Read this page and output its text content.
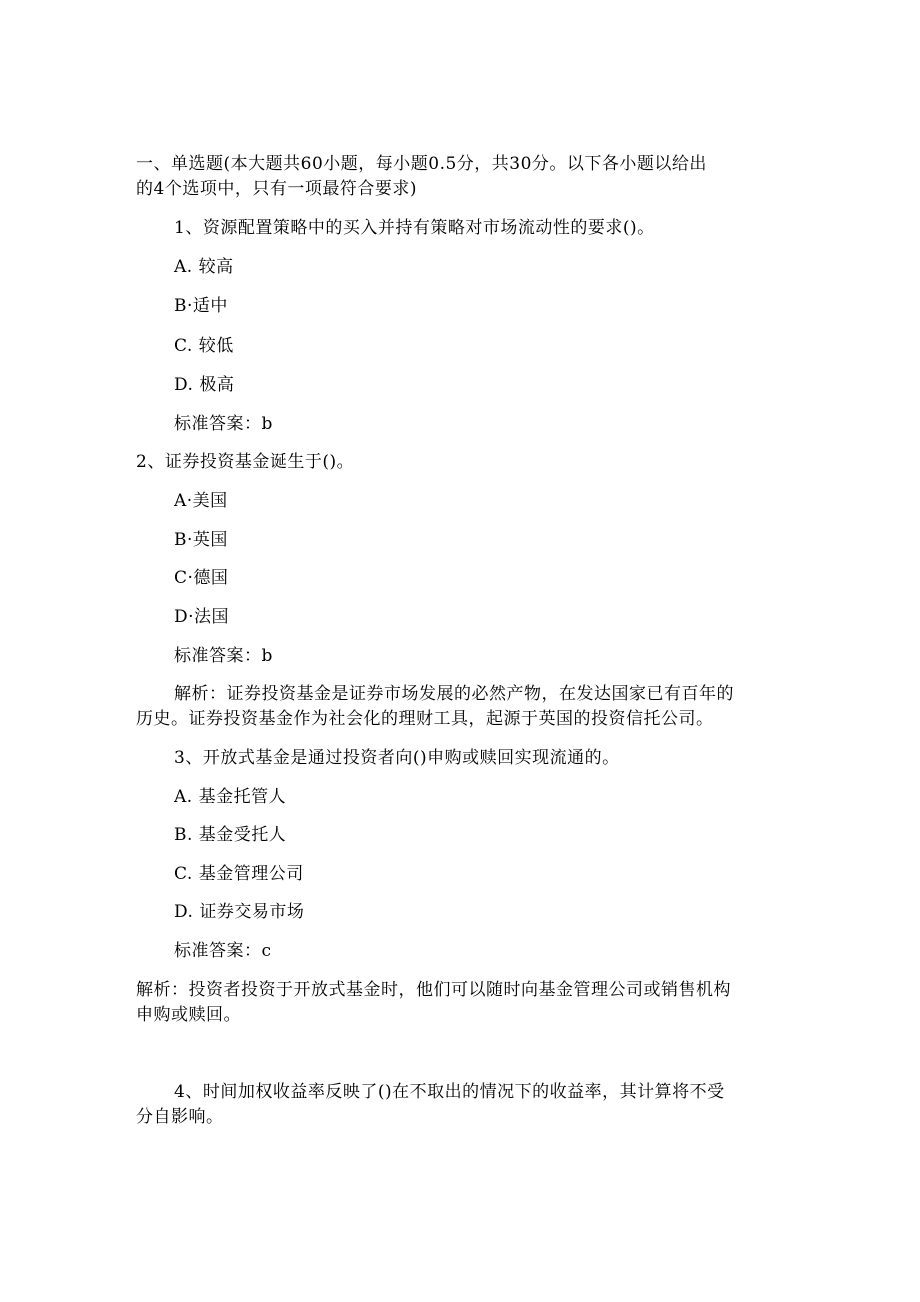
一、单选题(本大题共60小题，每小题0.5分，共30分。以下各小题以给出
的4个选项中，只有一项最符合要求)
1、资源配置策略中的买入并持有策略对市场流动性的要求()。
A. 较高
B·适中
C. 较低
D. 极高
标准答案：b
2、证券投资基金诞生于()。
A·美国
B·英国
C·德国
D·法国
标准答案：b
解析：证券投资基金是证券市场发展的必然产物，在发达国家已有百年的
历史。证券投资基金作为社会化的理财工具，起源于英国的投资信托公司。
3、开放式基金是通过投资者向()申购或赎回实现流通的。
A. 基金托管人
B. 基金受托人
C. 基金管理公司
D. 证券交易市场
标准答案：c
解析：投资者投资于开放式基金时，他们可以随时向基金管理公司或销售机构
申购或赎回。
4、时间加权收益率反映了()在不取出的情况下的收益率，其计算将不受
分自影响。
